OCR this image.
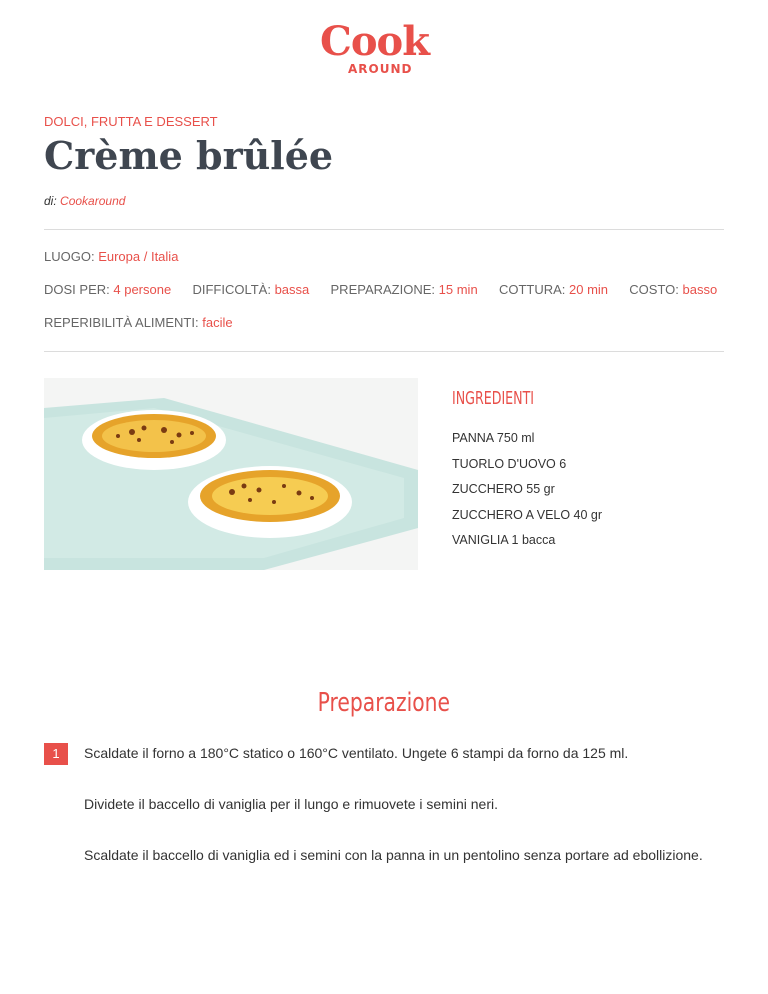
Cook
AROUND
DOLCI, FRUTTA E DESSERT
Crème brûlée
di: Cookaround
LUOGO: Europa / Italia
DOSI PER: 4 persone DIFFICOLTÀ: bassa PREPARAZIONE: 15 min COTTURA: 20 min COSTO: basso
REPERIBILITÀ ALIMENTI: facile
INGREDIENTI
PANNA 750 ml
TUORLO D'UOVO 6
ZUCCHERO 55 gr
ZUCCHERO A VELO 40 gr
VANIGLIA 1 bacca
Preparazione
1	Scaldate il forno a 180°C statico o 160°C ventilato. Ungete 6 stampi da forno da 125 ml.
Dividete il baccello di vaniglia per il lungo e rimuovete i semini neri.
Scaldate il baccello di vaniglia ed i semini con la panna in un pentolino senza portare ad ebollizione.
